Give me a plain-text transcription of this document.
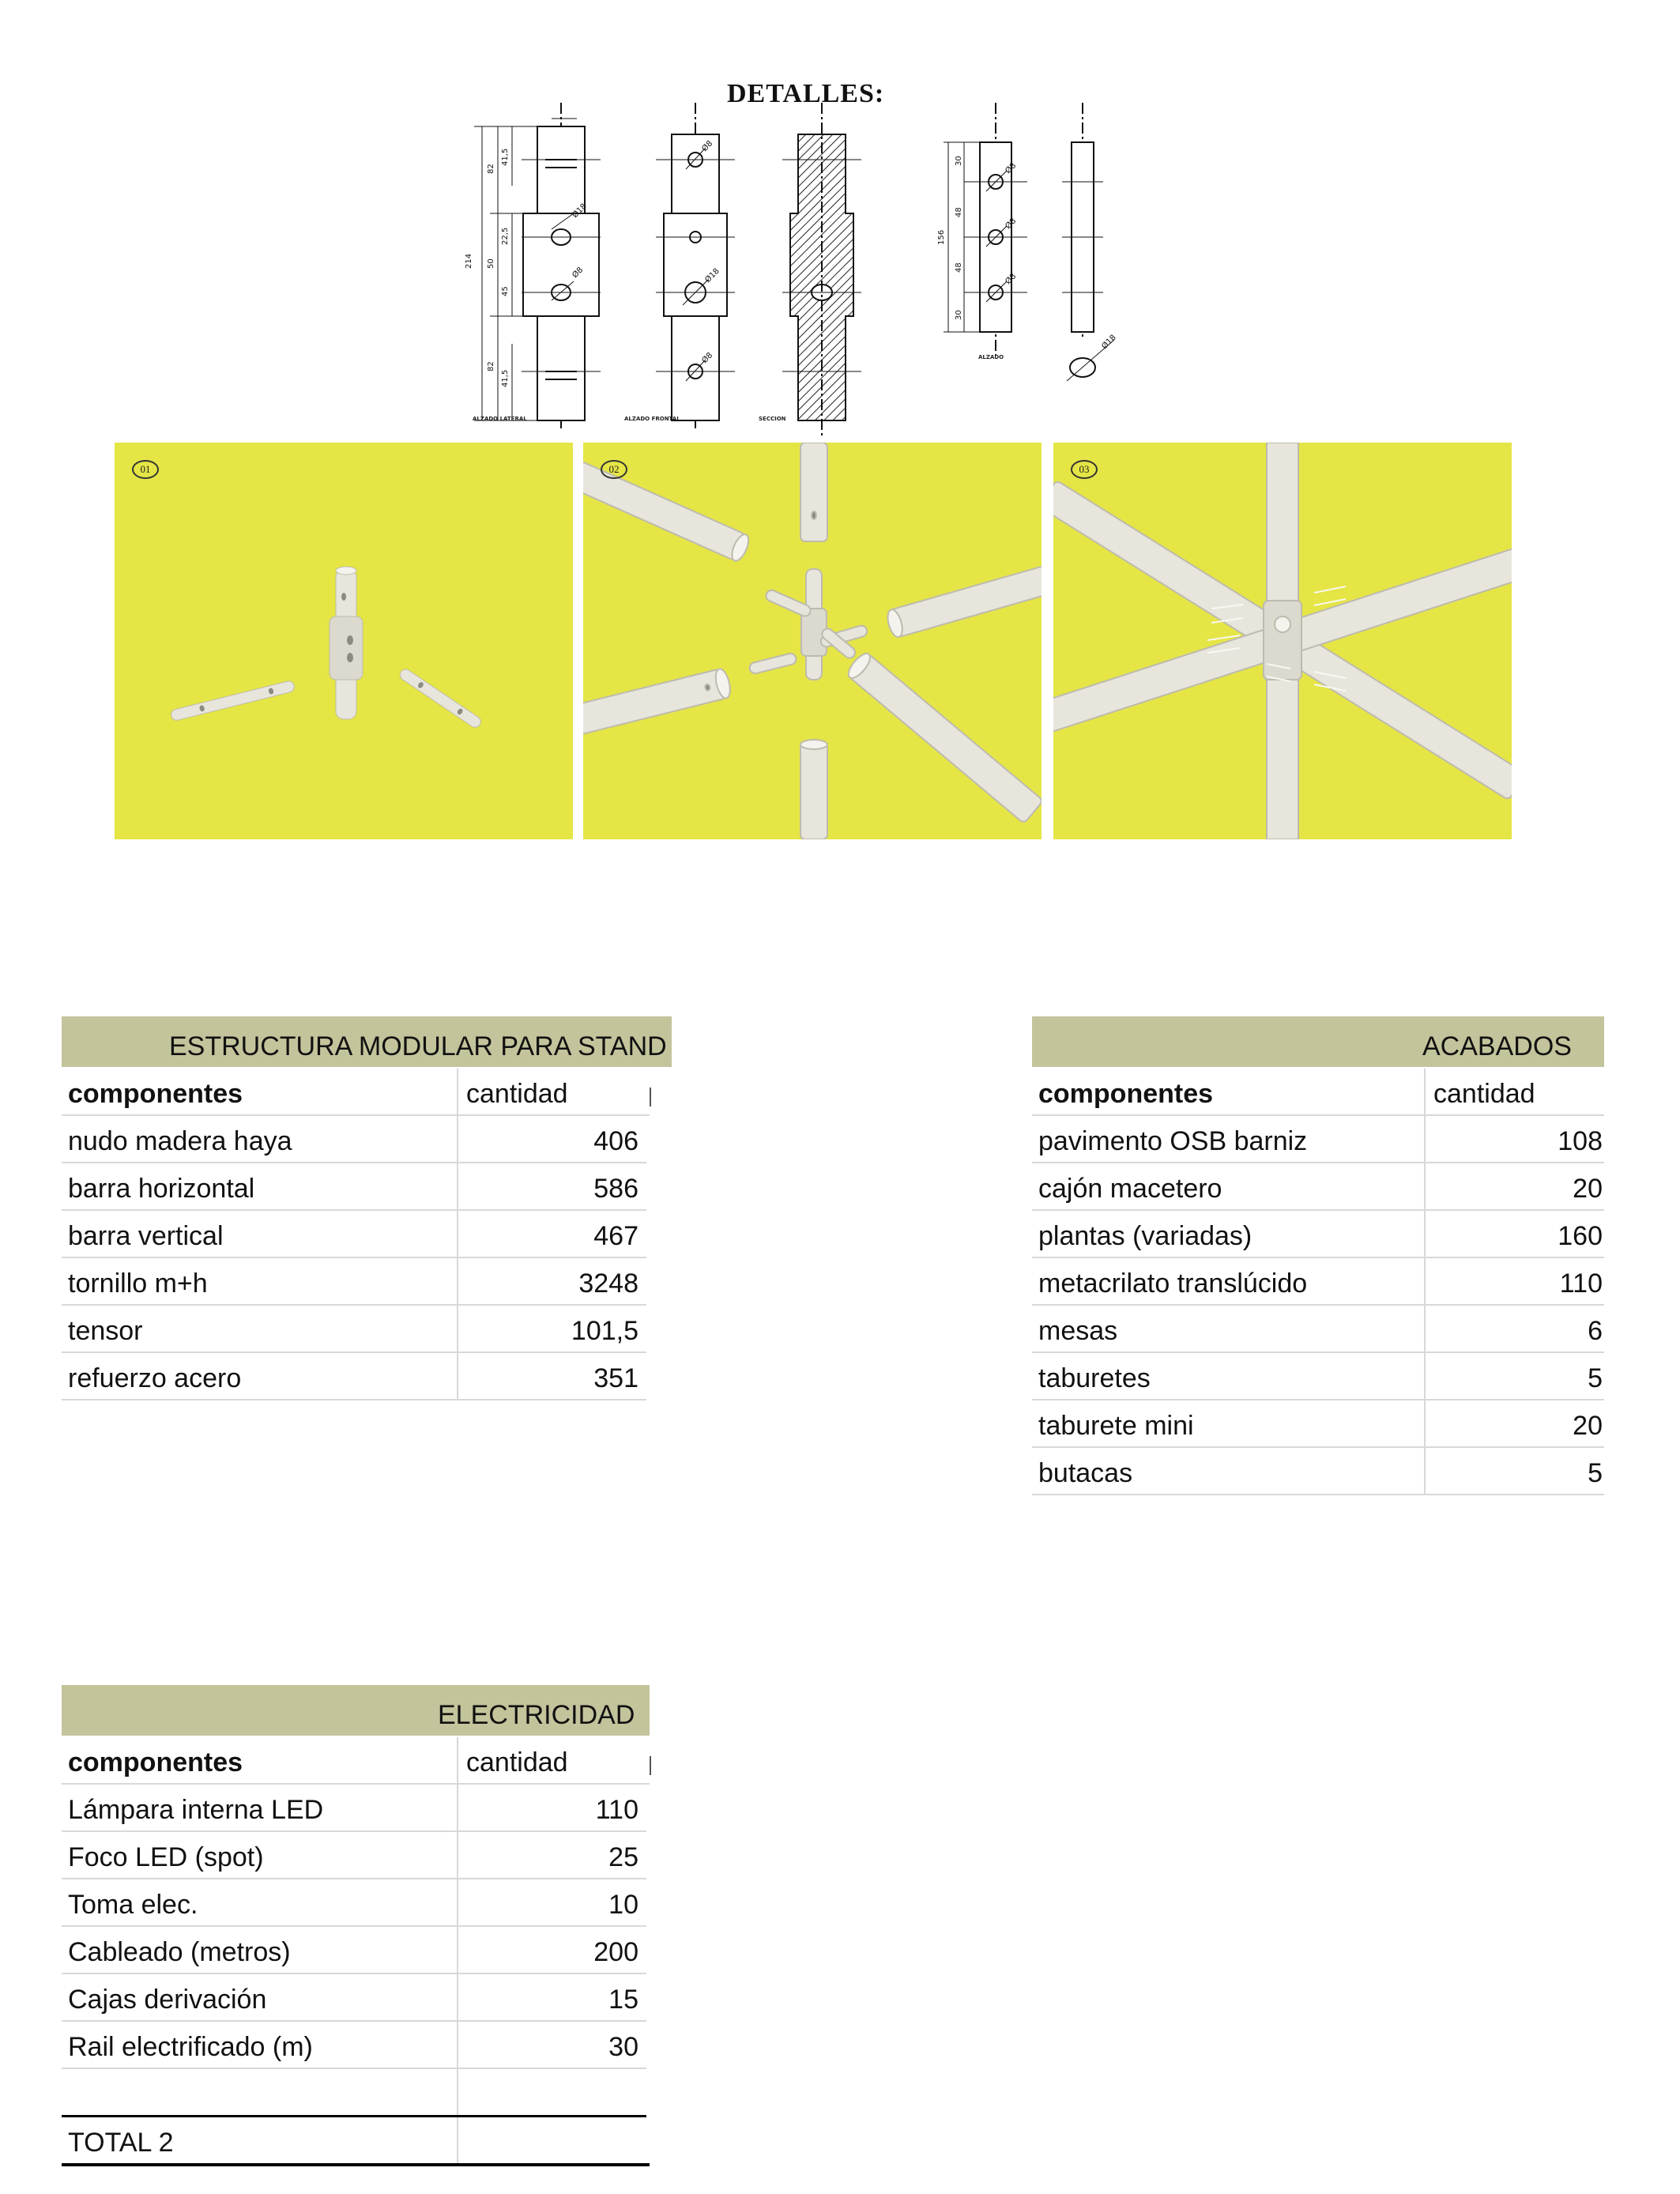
DETALLES:
214
82
50
82
41,5
22,5
45
41,5
Ø18
Ø8
ALZADO LATERAL
Ø8
Ø18
Ø8
ALZADO FRONTAL	SECCION
156
30
48
48
30
Ø8
Ø8
Ø8
ALZADO
Ø18
01	02	03
ESTRUCTURA MODULAR PARA STAND
componentes	cantidad
nudo madera haya	406
barra horizontal	586
barra vertical	467
tornillo m+h	3248
tensor	101,5
refuerzo acero	351
ACABADOS
componentes	cantidad
pavimento OSB barniz	108
cajón macetero	20
plantas (variadas)	160
metacrilato translúcido	110
mesas	6
taburetes	5
taburete mini	20
butacas	5
ELECTRICIDAD
componentes	cantidad
Lámpara interna LED	110
Foco LED (spot)	25
Toma elec.	10
Cableado (metros)	200
Cajas derivación	15
Rail electrificado (m)	30
TOTAL 2
